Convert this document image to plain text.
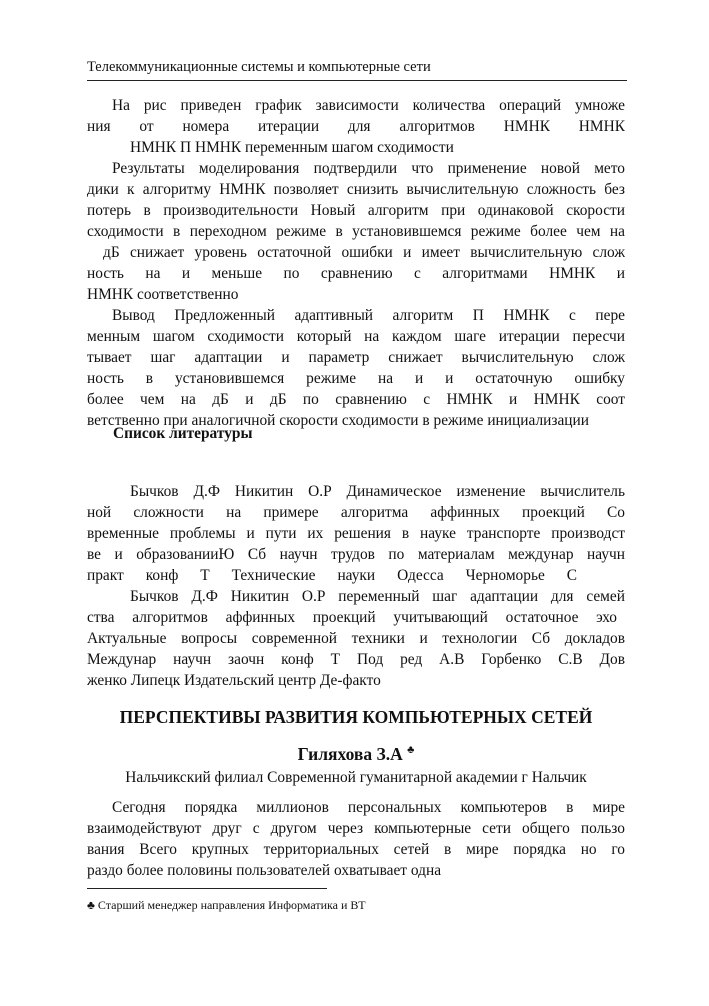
Телекоммуникационные системы и компьютерные сети
На рис приведен график зависимости количества операций умноже
ния от номера итерации для алгоритмов НМНК НМНК
НМНК П НМНК переменным шагом сходимости
Результаты моделирования подтвердили что применение новой мето
дики к алгоритму НМНК позволяет снизить вычислительную сложность без
потерь в производительности Новый алгоритм при одинаковой скорости
сходимости в переходном режиме в установившемся режиме более чем на
дБ снижает уровень остаточной ошибки и имеет вычислительную слож
ность на и меньше по сравнению с алгоритмами НМНК и
НМНК соответственно
Вывод Предложенный адаптивный алгоритм П НМНК с пере
менным шагом сходимости который на каждом шаге итерации пересчи
тывает шаг адаптации и параметр снижает вычислительную слож
ность в установившемся режиме на и и остаточную ошибку
более чем на дБ и дБ по сравнению с НМНК и НМНК соот
ветственно при аналогичной скорости сходимости в режиме инициализации
Список литературы
Бычков Д.Ф Никитин О.Р Динамическое изменение вычислитель
ной сложности на примере алгоритма аффинных проекций Со
временные проблемы и пути их решения в науке транспорте производст
ве и образованииЮ Сб научн трудов по материалам междунар научн
практ конф Т Технические науки Одесса Черноморье С
Бычков Д.Ф Никитин О.Р переменный шаг адаптации для семей
ства алгоритмов аффинных проекций учитывающий остаточное эхо
Актуальные вопросы современной техники и технологии Сб докладов
Междунар научн заочн конф Т Под ред А.В Горбенко С.В Дов
женко Липецк Издательский центр Де-факто
ПЕРСПЕКТИВЫ РАЗВИТИЯ КОМПЬЮТЕРНЫХ СЕТЕЙ
Гиляхова З.А ♣
Нальчикский филиал Современной гуманитарной академии г Нальчик
Сегодня порядка миллионов персональных компьютеров в мире
взаимодействуют друг с другом через компьютерные сети общего пользо
вания Всего крупных территориальных сетей в мире порядка но го
раздо более половины пользователей охватывает одна
♣ Старший менеджер направления Информатика и ВТ
